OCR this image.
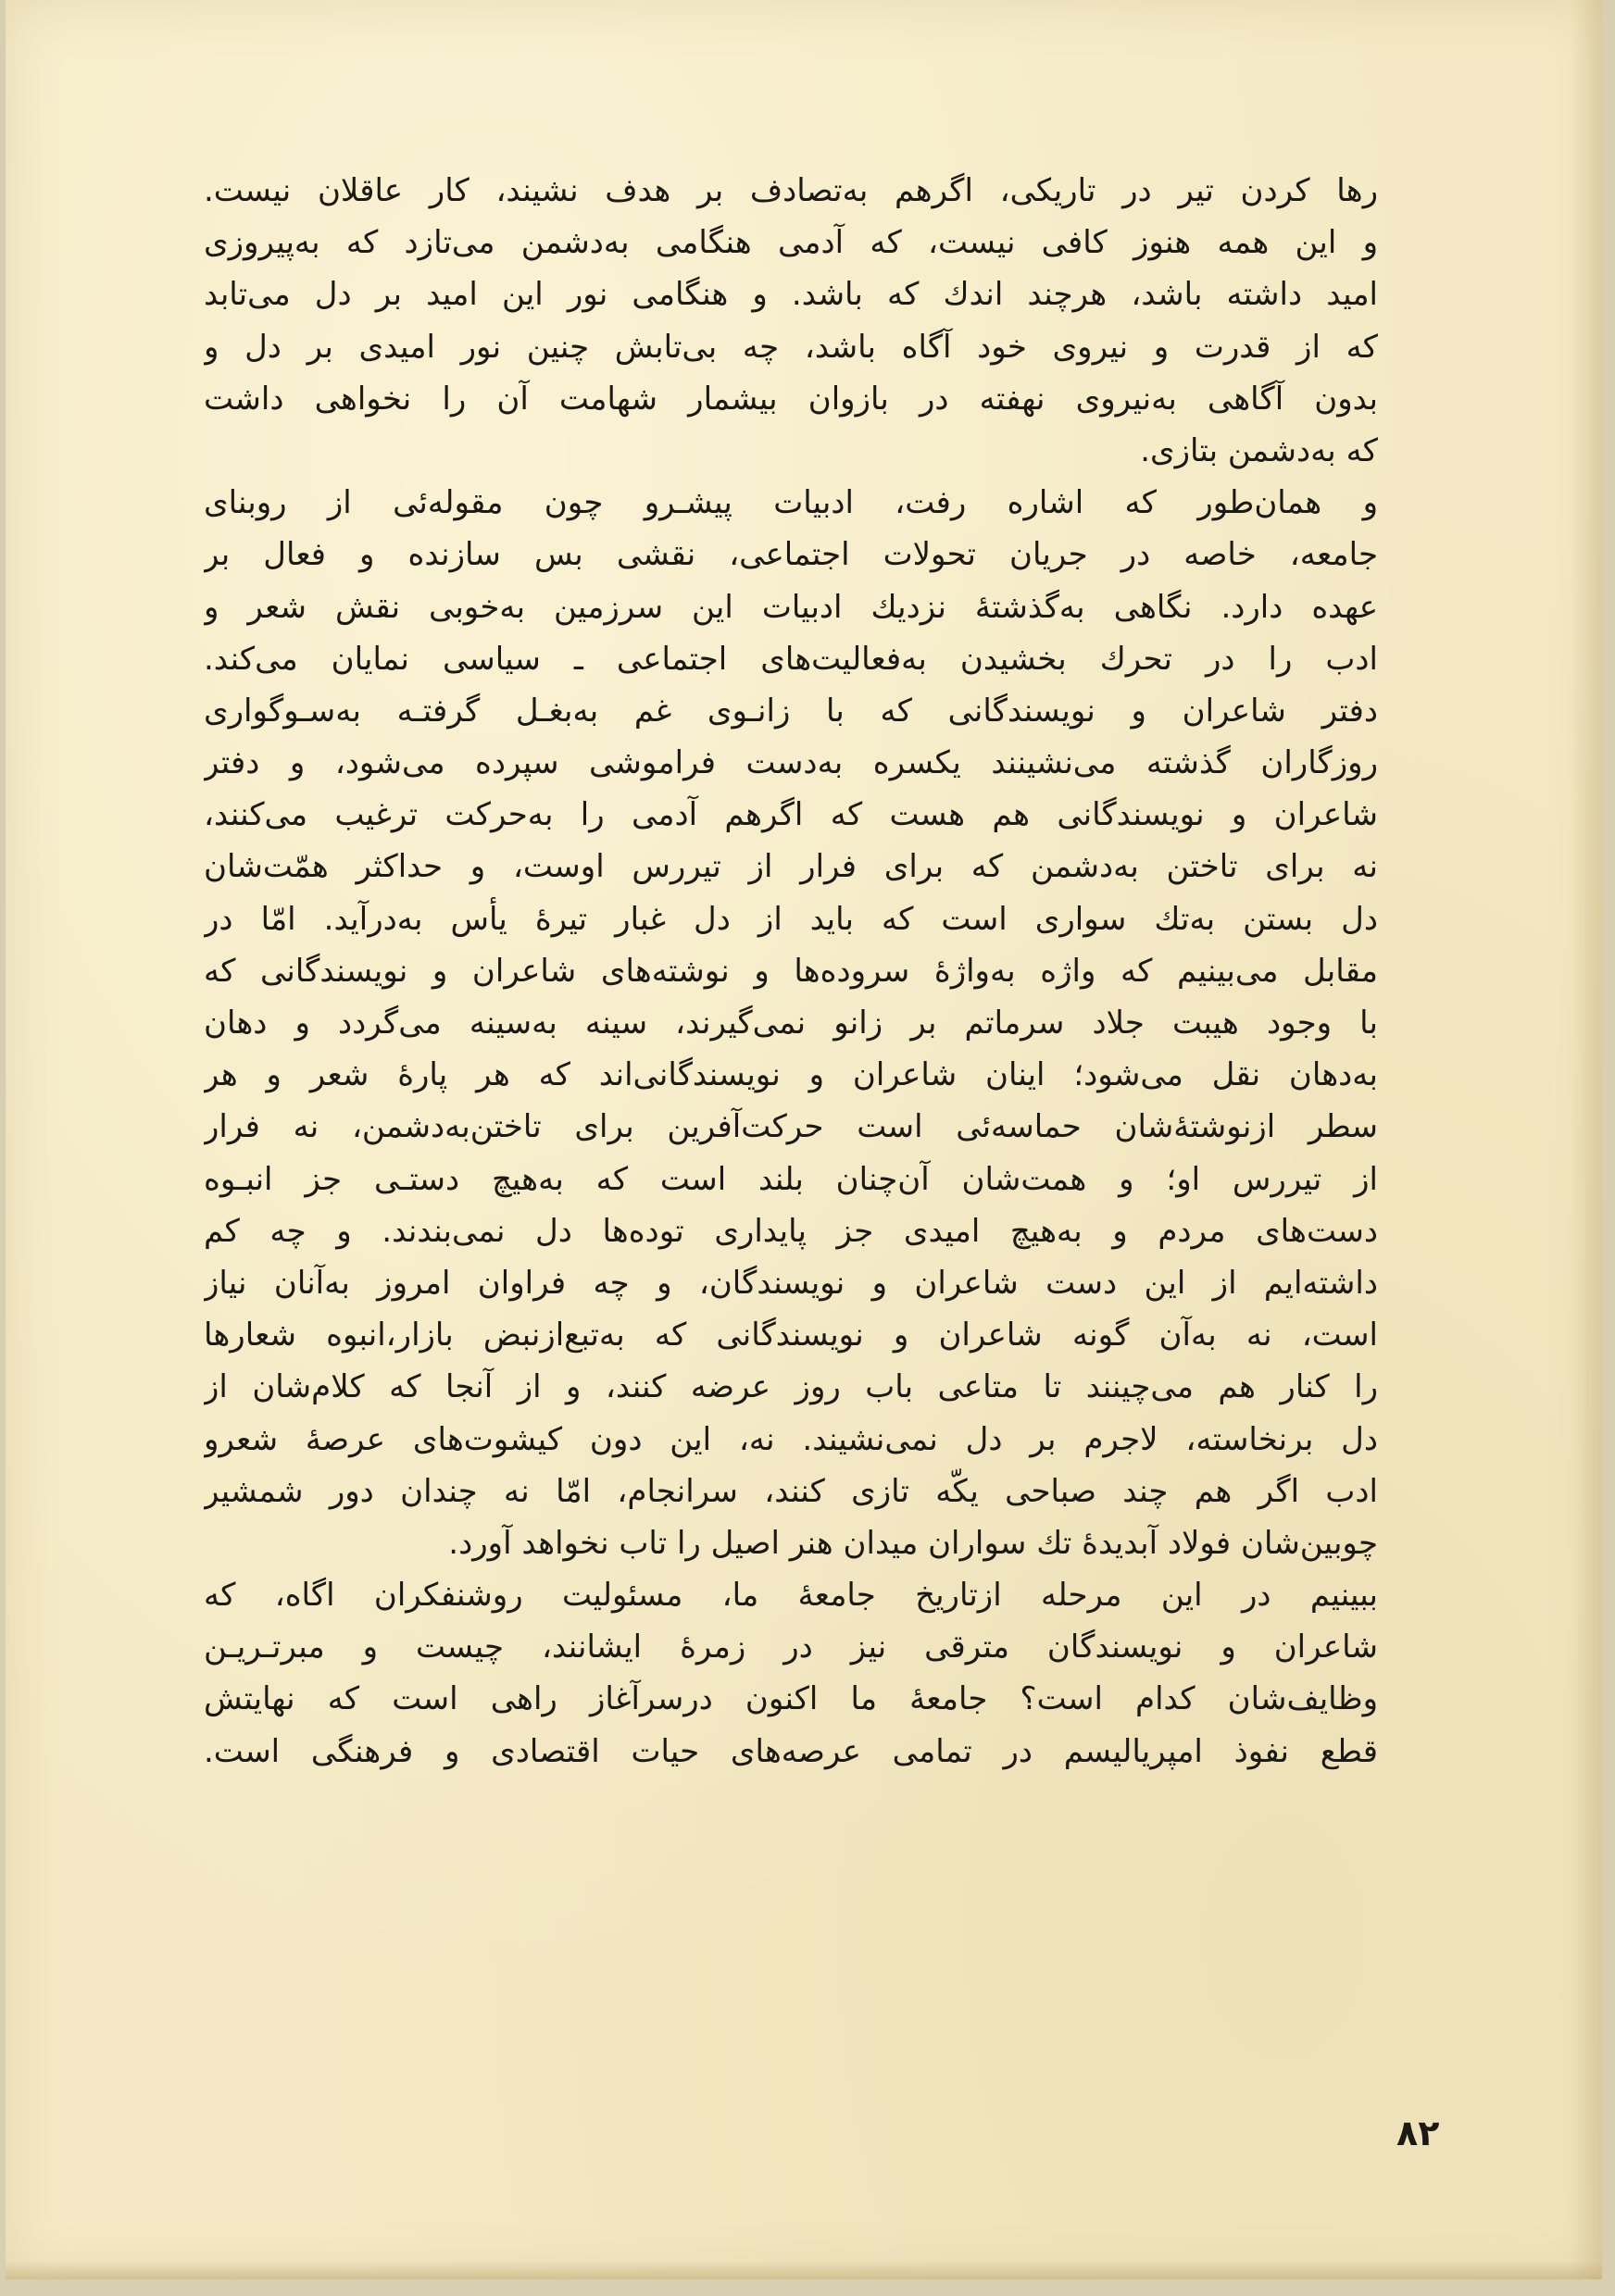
رها کردن تیر در تاریکی، اگرهم به‌تصادف بر هدف نشیند، کار عاقلان نیست.
و این همه هنوز کافی نیست، که آدمی هنگامی به‌دشمن می‌تازد که به‌پیروزی
امید داشته باشد، هرچند اندك که باشد. و هنگامی نور این امید بر دل می‌تابد
که از قدرت و نیروی خود آگاه باشد، چه بی‌تابش چنین نور امیدی بر دل و
بدون آگاهی به‌نیروی نهفته در بازوان بیشمار شهامت آن را نخواهی داشت
که به‌دشمن بتازی.
و همان‌طور که اشاره رفت، ادبیات پیشـرو چون مقوله‌ئی از روبنای
جامعه، خاصه در جریان تحولات اجتماعی، نقشی بس سازنده و فعال بر
عهده دارد. نگاهی به‌گذشتهٔ نزدیك ادبیات این سرزمین به‌خوبی نقش شعر و
ادب را در تحرك بخشیدن به‌فعالیت‌های اجتماعی ـ سیاسی نمایان می‌کند.
دفتر شاعران و نویسندگانی که با زانـوی غم به‌بغـل گرفتـه به‌سـوگواری
روزگاران گذشته می‌نشینند یکسره به‌دست فراموشی سپرده می‌شود، و دفتر
شاعران و نویسندگانی هم هست که اگرهم آدمی را به‌حرکت ترغیب می‌کنند،
نه برای تاختن به‌دشمن که برای فرار از تیررس اوست، و حداکثر همّت‌شان
دل بستن به‌تك سواری است که باید از دل غبار تیرهٔ یأس به‌درآید. امّا در
مقابل می‌بینیم که واژه به‌واژهٔ سروده‌ها و نوشته‌های شاعران و نویسندگانی که
با وجود هیبت جلاد سرماتم بر زانو نمی‌گیرند، سینه به‌سینه می‌گردد و دهان
به‌دهان نقل می‌شود؛ اینان شاعران و نویسندگانی‌اند که هر پارهٔ شعر و هر
سطر ازنوشتهٔ‌شان حماسه‌ئی است حرکت‌آفرین برای تاختن‌به‌دشمن، نه فرار
از تیررس او؛ و همت‌شان آن‌چنان بلند است که به‌هیچ دستـی جز انبـوه
دست‌های مردم و به‌هیچ امیدی جز پایداری توده‌ها دل نمی‌بندند. و چه کم
داشته‌ایم از این دست شاعران و نویسندگان، و چه فراوان امروز به‌آنان نیاز
است، نه به‌آن گونه شاعران و نویسندگانی که به‌تبع‌ازنبض بازار،انبوه شعارها
را کنار هم می‌چینند تا متاعی باب روز عرضه کنند، و از آنجا که کلام‌شان از
دل برنخاسته، لاجرم بر دل نمی‌نشیند. نه، این دون کیشوت‌های عرصهٔ شعرو
ادب اگر هم چند صباحی یکّه تازی کنند، سرانجام، امّا نه چندان دور شمشیر
چوبین‌شان فولاد آبدیدهٔ تك سواران میدان هنر اصیل را تاب نخواهد آورد.
ببینیم در این مرحله ازتاریخ جامعهٔ ما، مسئولیت روشنفکران اگاه، که
شاعران و نویسندگان مترقی نیز در زمرهٔ ایشانند، چیست و مبرتـریـن
وظایف‌شان کدام است؟ جامعهٔ ما اکنون درسرآغاز راهی است که نهایتش
قطع نفوذ امپریالیسم در تمامی عرصه‌های حیات اقتصادی و فرهنگی است.
۸۲
